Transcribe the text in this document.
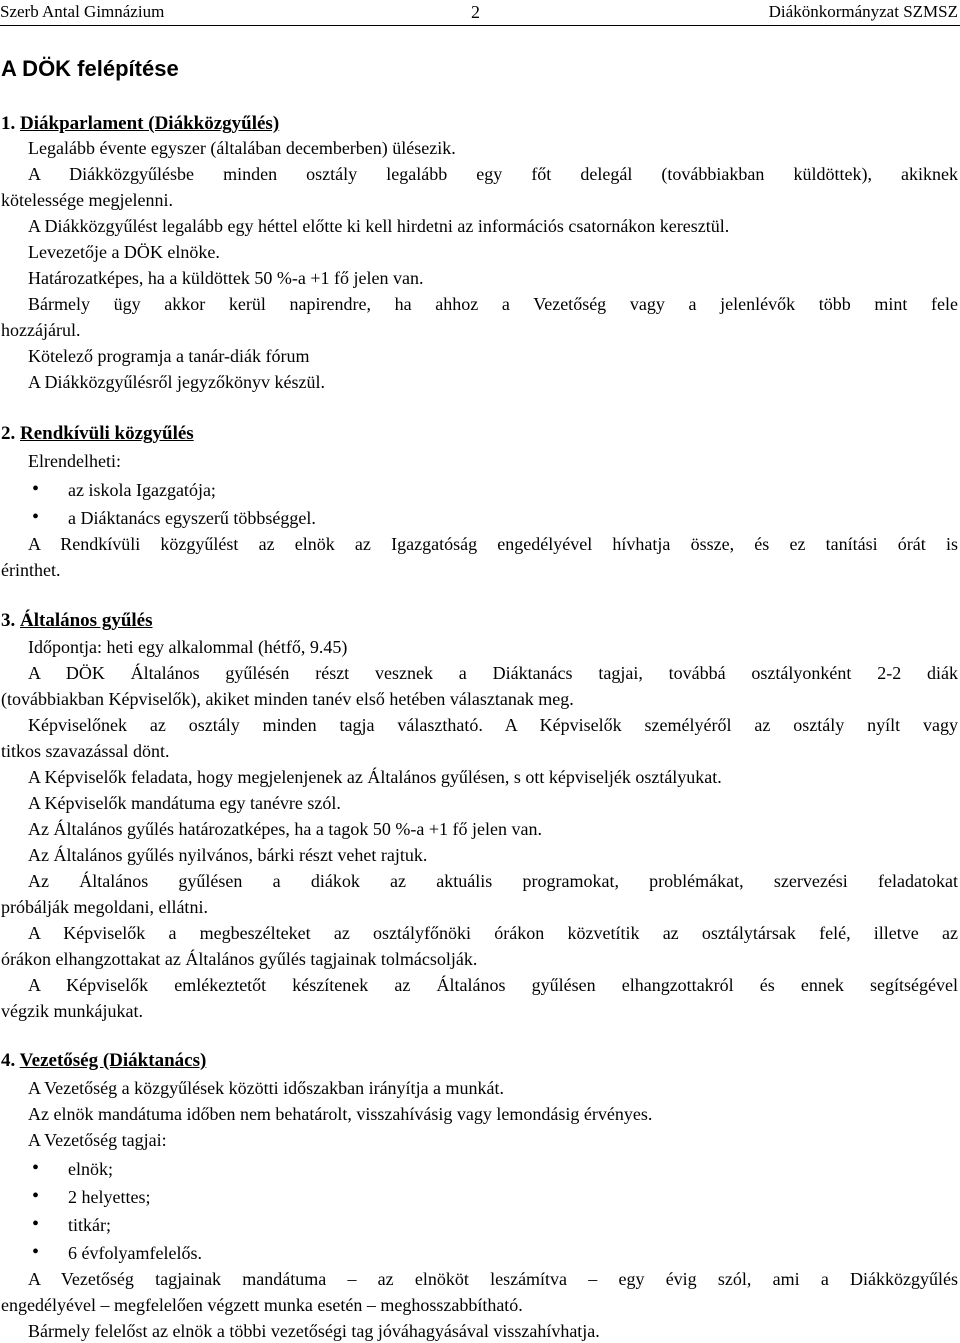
Szerb Antal Gimnázium	2	Diákönkormányzat SZMSZ
A DÖK felépítése
1. Diákparlament (Diákközgyűlés)
Legalább évente egyszer (általában decemberben) ülésezik.
A Diákközgyűlésbe minden osztály legalább egy főt delegál (továbbiakban küldöttek), akiknek
kötelessége megjelenni.
A Diákközgyűlést legalább egy héttel előtte ki kell hirdetni az információs csatornákon keresztül.
Levezetője a DÖK elnöke.
Határozatképes, ha a küldöttek 50 %-a +1 fő jelen van.
Bármely ügy akkor kerül napirendre, ha ahhoz a Vezetőség vagy a jelenlévők több mint fele
hozzájárul.
Kötelező programja a tanár-diák fórum
A Diákközgyűlésről jegyzőkönyv készül.
2. Rendkívüli közgyűlés
Elrendelheti:
• az iskola Igazgatója;
• a Diáktanács egyszerű többséggel.
A Rendkívüli közgyűlést az elnök az Igazgatóság engedélyével hívhatja össze, és ez tanítási órát is
érinthet.
3. Általános gyűlés
Időpontja: heti egy alkalommal (hétfő, 9.45)
A DÖK Általános gyűlésén részt vesznek a Diáktanács tagjai, továbbá osztályonként 2-2 diák
(továbbiakban Képviselők), akiket minden tanév első hetében választanak meg.
Képviselőnek az osztály minden tagja választható. A Képviselők személyéről az osztály nyílt vagy
titkos szavazással dönt.
A Képviselők feladata, hogy megjelenjenek az Általános gyűlésen, s ott képviseljék osztályukat.
A Képviselők mandátuma egy tanévre szól.
Az Általános gyűlés határozatképes, ha a tagok 50 %-a +1 fő jelen van.
Az Általános gyűlés nyilvános, bárki részt vehet rajtuk.
Az Általános gyűlésen a diákok az aktuális programokat, problémákat, szervezési feladatokat
próbálják megoldani, ellátni.
A Képviselők a megbeszélteket az osztályfőnöki órákon közvetítik az osztálytársak felé, illetve az
órákon elhangzottakat az Általános gyűlés tagjainak tolmácsolják.
A Képviselők emlékeztetőt készítenek az Általános gyűlésen elhangzottakról és ennek segítségével
végzik munkájukat.
4. Vezetőség (Diáktanács)
A Vezetőség a közgyűlések közötti időszakban irányítja a munkát.
Az elnök mandátuma időben nem behatárolt, visszahívásig vagy lemondásig érvényes.
A Vezetőség tagjai:
• elnök;
• 2 helyettes;
• titkár;
• 6 évfolyamfelelős.
A Vezetőség tagjainak mandátuma – az elnököt leszámítva – egy évig szól, ami a Diákközgyűlés
engedélyével – megfelelően végzett munka esetén – meghosszabbítható.
Bármely felelőst az elnök a többi vezetőségi tag jóváhagyásával visszahívhatja.
